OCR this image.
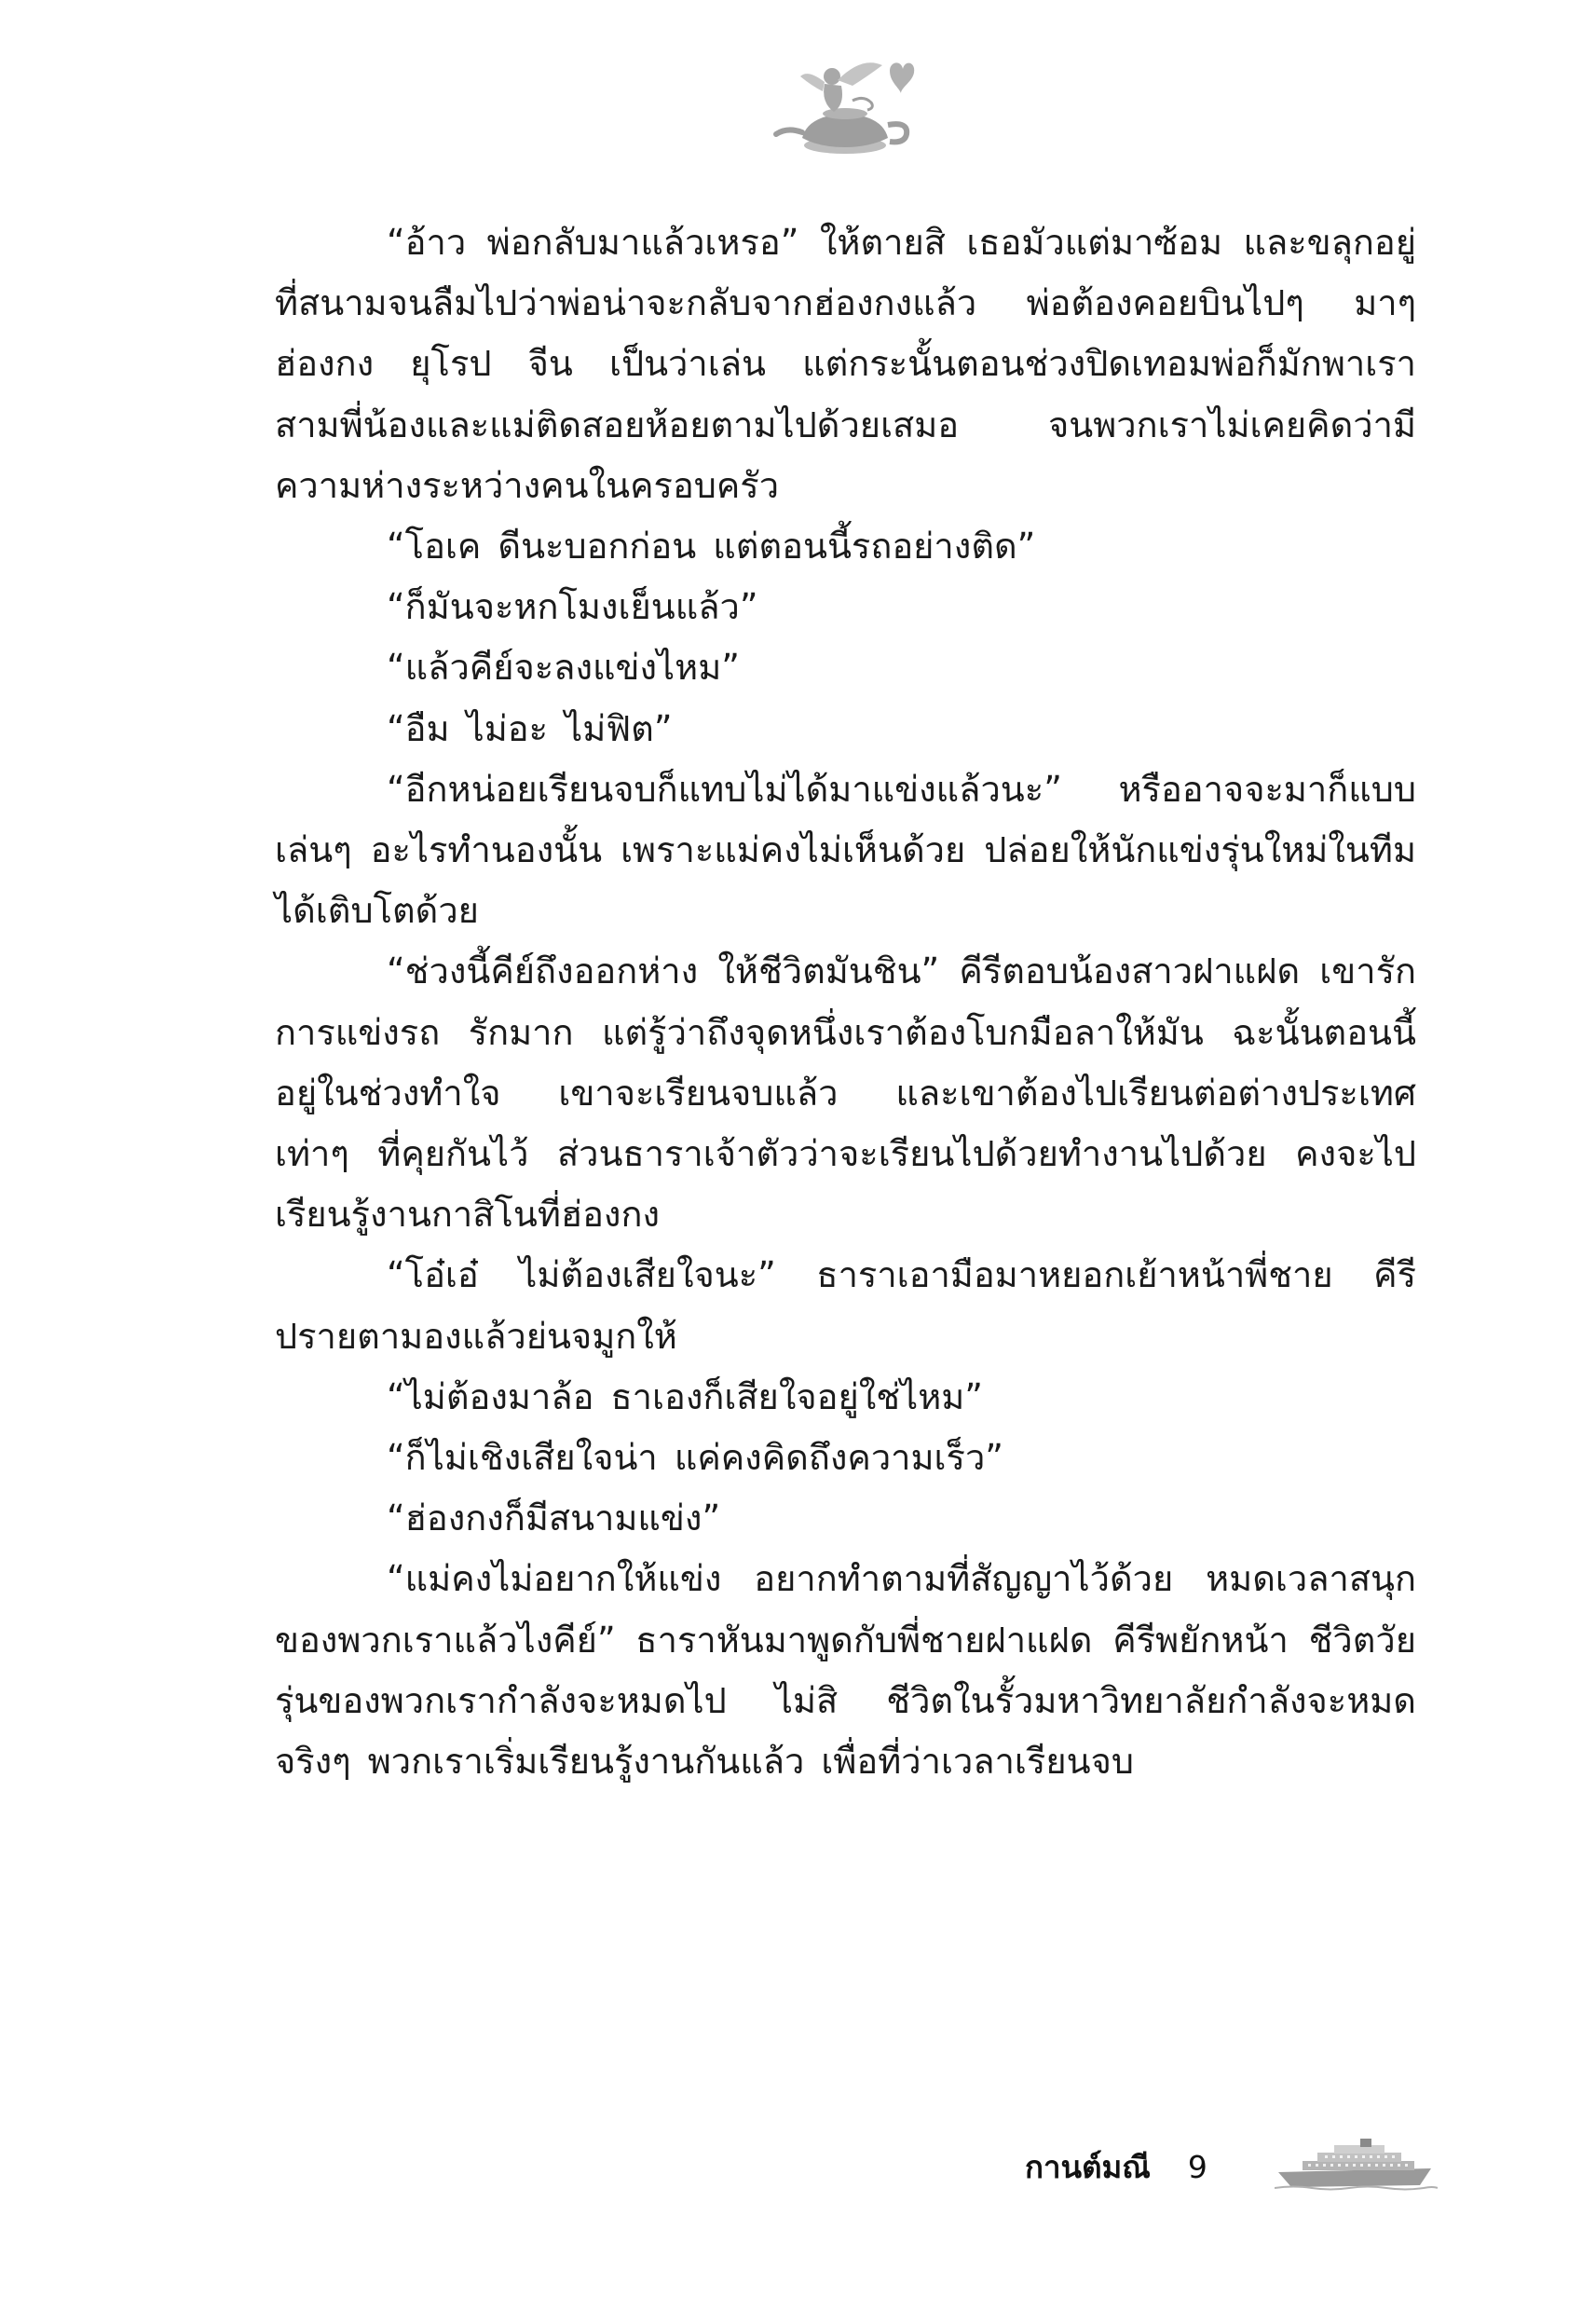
“อ้าว พ่อกลับมาแล้วเหรอ” ให้ตายสิ เธอมัวแต่มาซ้อม และขลุกอยู่ที่สนามจนลืมไปว่าพ่อน่าจะกลับจากฮ่องกงแล้ว พ่อต้องคอยบินไปๆ มาๆ ฮ่องกง ยุโรป จีน เป็นว่าเล่น แต่กระนั้นตอนช่วงปิดเทอมพ่อก็มักพาเราสามพี่น้องและแม่ติดสอยห้อยตามไปด้วยเสมอ จนพวกเราไม่เคยคิดว่ามีความห่างระหว่างคนในครอบครัว

“โอเค ดีนะบอกก่อน แต่ตอนนี้รถอย่างติด”

“ก็มันจะหกโมงเย็นแล้ว”

“แล้วคีย์จะลงแข่งไหม”

“อืม ไม่อะ ไม่ฟิต”

“อีกหน่อยเรียนจบก็แทบไม่ได้มาแข่งแล้วนะ” หรืออาจจะมาก็แบบเล่นๆ อะไรทำนองนั้น เพราะแม่คงไม่เห็นด้วย ปล่อยให้นักแข่งรุ่นใหม่ในทีมได้เติบโตด้วย

“ช่วงนี้คีย์ถึงออกห่าง ให้ชีวิตมันชิน” คีรีตอบน้องสาวฝาแฝด เขารักการแข่งรถ รักมาก แต่รู้ว่าถึงจุดหนึ่งเราต้องโบกมือลาให้มัน ฉะนั้นตอนนี้อยู่ในช่วงทำใจ เขาจะเรียนจบแล้ว และเขาต้องไปเรียนต่อต่างประเทศ เท่าๆ ที่คุยกันไว้ ส่วนธาราเจ้าตัวว่าจะเรียนไปด้วยทำงานไปด้วย คงจะไปเรียนรู้งานกาสิโนที่ฮ่องกง

“โอ๋เอ๋ ไม่ต้องเสียใจนะ” ธาราเอามือมาหยอกเย้าหน้าพี่ชาย คีรีปรายตามองแล้วย่นจมูกให้

“ไม่ต้องมาล้อ ธาเองก็เสียใจอยู่ใช่ไหม”

“ก็ไม่เชิงเสียใจน่า แค่คงคิดถึงความเร็ว”

“ฮ่องกงก็มีสนามแข่ง”

“แม่คงไม่อยากให้แข่ง อยากทำตามที่สัญญาไว้ด้วย หมดเวลาสนุกของพวกเราแล้วไงคีย์” ธาราหันมาพูดกับพี่ชายฝาแฝด คีรีพยักหน้า ชีวิตวัยรุ่นของพวกเรากำลังจะหมดไป ไม่สิ ชีวิตในรั้วมหาวิทยาลัยกำลังจะหมด จริงๆ พวกเราเริ่มเรียนรู้งานกันแล้ว เพื่อที่ว่าเวลาเรียนจบ

กานต์มณี 9
